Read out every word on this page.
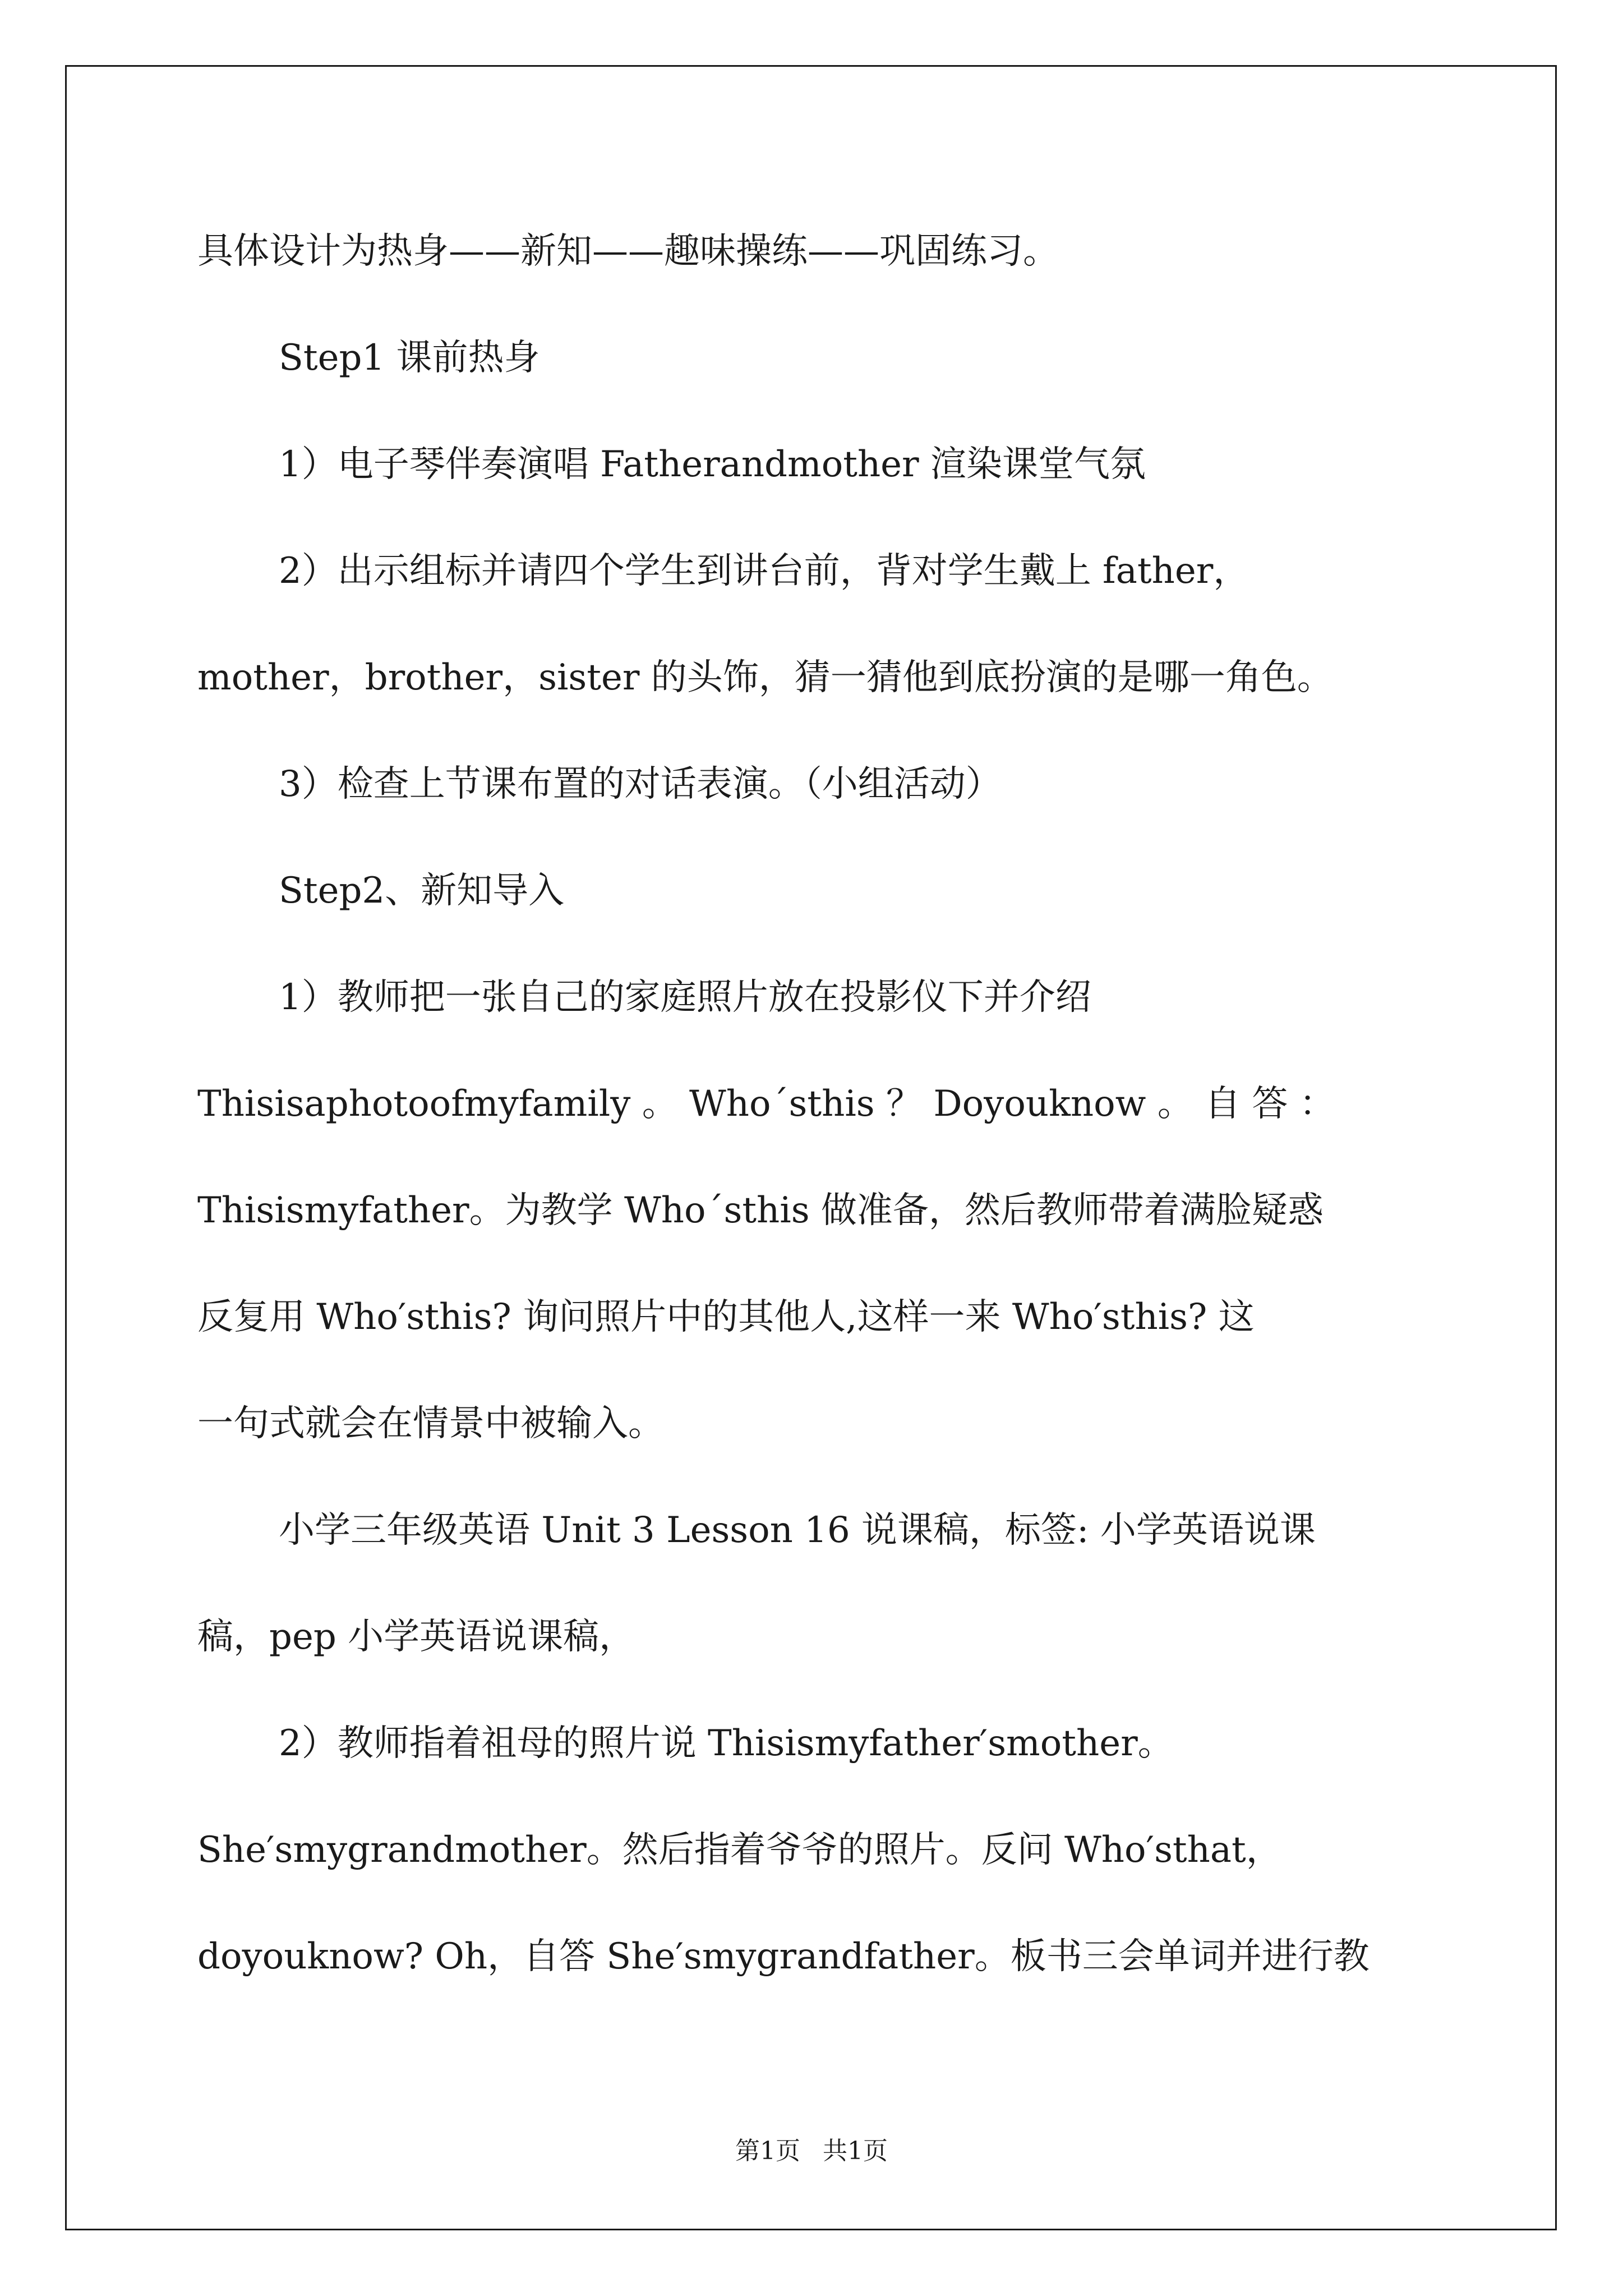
具体设计为热身——新知——趣味操练——巩固练习。

Step1 课前热身

1）电子琴伴奏演唱 Fatherandmother 渲染课堂气氛

2）出示组标并请四个学生到讲台前，背对学生戴上 father，

mother，brother，sister 的头饰，猜一猜他到底扮演的是哪一角色。

3）检查上节课布置的对话表演。（小组活动）

Step2、新知导入

1）教师把一张自己的家庭照片放在投影仪下并介绍

Thisisaphotoofmyfamily 。 Who´sthis ？ Doyouknow 。 自 答 ：

Thisismyfather。为教学 Who´sthis 做准备，然后教师带着满脸疑惑

反复用 Who′sthis? 询问照片中的其他人,这样一来 Who′sthis? 这

一句式就会在情景中被输入。

小学三年级英语 Unit 3 Lesson 16 说课稿，标签: 小学英语说课

稿，pep 小学英语说课稿，

2）教师指着祖母的照片说 Thisismyfather′smother。

She′smygrandmother。然后指着爷爷的照片。反问 Who′sthat，

doyouknow? Oh，自答 She′smygrandfather。板书三会单词并进行教

第1页 共1页
